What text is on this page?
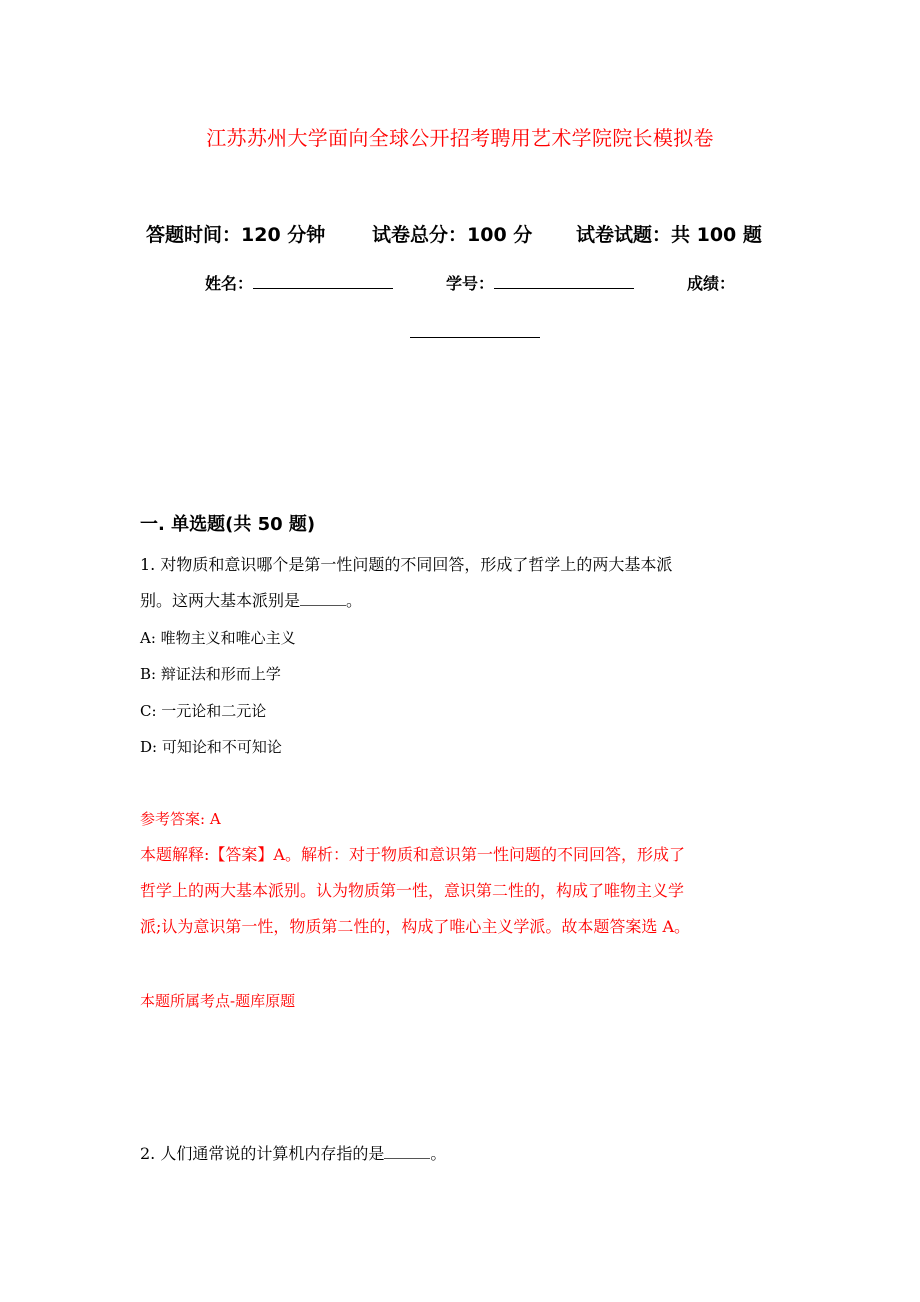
江苏苏州大学面向全球公开招考聘用艺术学院院长模拟卷
答题时间：120 分钟 试卷总分：100 分 试卷试题：共 100 题
姓名：	学号：	成绩：
一. 单选题(共 50 题)
1. 对物质和意识哪个是第一性问题的不同回答，形成了哲学上的两大基本派
别。这两大基本派别是	。
A: 唯物主义和唯心主义
B: 辩证法和形而上学
C: 一元论和二元论
D: 可知论和不可知论
参考答案: A
本题解释:【答案】A。解析：对于物质和意识第一性问题的不同回答，形成了
哲学上的两大基本派别。认为物质第一性，意识第二性的，构成了唯物主义学
派;认为意识第一性，物质第二性的，构成了唯心主义学派。故本题答案选 A。
本题所属考点-题库原题
2. 人们通常说的计算机内存指的是	。
